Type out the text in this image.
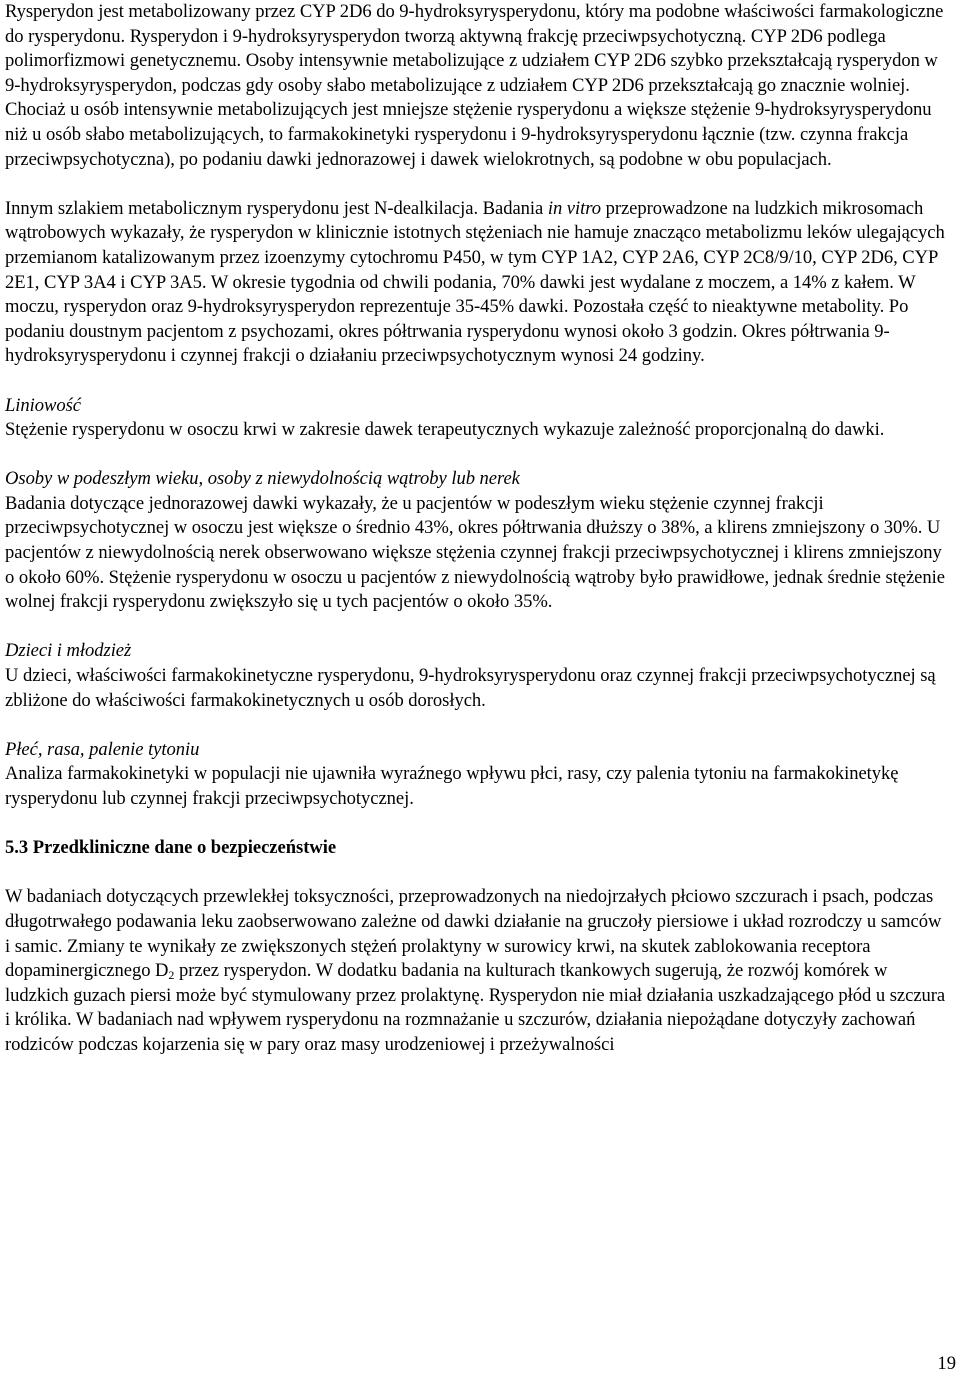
Rysperydon jest metabolizowany przez CYP 2D6 do 9-hydroksyrysperydonu, który ma podobne właściwości farmakologiczne do rysperydonu. Rysperydon i 9-hydroksyrysperydon tworzą aktywną frakcję przeciwpsychotyczną. CYP 2D6 podlega polimorfizmowi genetycznemu. Osoby intensywnie metabolizujące z udziałem CYP 2D6 szybko przekształcają rysperydon w 9-hydroksyrysperydon, podczas gdy osoby słabo metabolizujące z udziałem CYP 2D6 przekształcają go znacznie wolniej. Chociaż u osób intensywnie metabolizujących jest mniejsze stężenie rysperydonu a większe stężenie 9-hydroksyrysperydonu niż u osób słabo metabolizujących, to farmakokinetyki rysperydonu i 9-hydroksyrysperydonu łącznie (tzw. czynna frakcja przeciwpsychotyczna), po podaniu dawki jednorazowej i dawek wielokrotnych, są podobne w obu populacjach.

Innym szlakiem metabolicznym rysperydonu jest N-dealkilacja. Badania in vitro przeprowadzone na ludzkich mikrosomach wątrobowych wykazały, że rysperydon w klinicznie istotnych stężeniach nie hamuje znacząco metabolizmu leków ulegających przemianom katalizowanym przez izoenzymy cytochromu P450, w tym CYP 1A2, CYP 2A6, CYP 2C8/9/10, CYP 2D6, CYP 2E1, CYP 3A4 i CYP 3A5. W okresie tygodnia od chwili podania, 70% dawki jest wydalane z moczem, a 14% z kałem. W moczu, rysperydon oraz 9-hydroksyrysperydon reprezentuje 35-45% dawki. Pozostała część to nieaktywne metabolity. Po podaniu doustnym pacjentom z psychozami, okres półtrwania rysperydonu wynosi około 3 godzin. Okres półtrwania 9-hydroksyrysperydonu i czynnej frakcji o działaniu przeciwpsychotycznym wynosi 24 godziny.

Liniowość

Stężenie rysperydonu w osoczu krwi w zakresie dawek terapeutycznych wykazuje zależność proporcjonalną do dawki.

Osoby w podeszłym wieku, osoby z niewydolnością wątroby lub nerek

Badania dotyczące jednorazowej dawki wykazały, że u pacjentów w podeszłym wieku stężenie czynnej frakcji przeciwpsychotycznej w osoczu jest większe o średnio 43%, okres półtrwania dłuższy o 38%, a klirens zmniejszony o 30%. U pacjentów z niewydolnością nerek obserwowano większe stężenia czynnej frakcji przeciwpsychotycznej i klirens zmniejszony o około 60%. Stężenie rysperydonu w osoczu u pacjentów z niewydolnością wątroby było prawidłowe, jednak średnie stężenie wolnej frakcji rysperydonu zwiększyło się u tych pacjentów o około 35%.

Dzieci i młodzież

U dzieci, właściwości farmakokinetyczne rysperydonu, 9-hydroksyrysperydonu oraz czynnej frakcji przeciwpsychotycznej są zbliżone do właściwości farmakokinetycznych u osób dorosłych.

Płeć, rasa, palenie tytoniu

Analiza farmakokinetyki w populacji nie ujawniła wyraźnego wpływu płci, rasy, czy palenia tytoniu na farmakokinetykę rysperydonu lub czynnej frakcji przeciwpsychotycznej.

5.3 Przedkliniczne dane o bezpieczeństwie

W badaniach dotyczących przewlekłej toksyczności, przeprowadzonych na niedojrzałych płciowo szczurach i psach, podczas długotrwałego podawania leku zaobserwowano zależne od dawki działanie na gruczoły piersiowe i układ rozrodczy u samców i samic. Zmiany te wynikały ze zwiększonych stężeń prolaktyny w surowicy krwi, na skutek zablokowania receptora dopaminergicznego $D_2$ przez rysperydon. W dodatku badania na kulturach tkankowych sugerują, że rozwój komórek w ludzkich guzach piersi może być stymulowany przez prolaktynę. Rysperydon nie miał działania uszkadzającego płód u szczura i królika. W badaniach nad wpływem rysperydonu na rozmnażanie u szczurów, działania niepożądane dotyczyły zachowań rodziców podczas kojarzenia się w pary oraz masy urodzeniowej i przeżywalności

19
